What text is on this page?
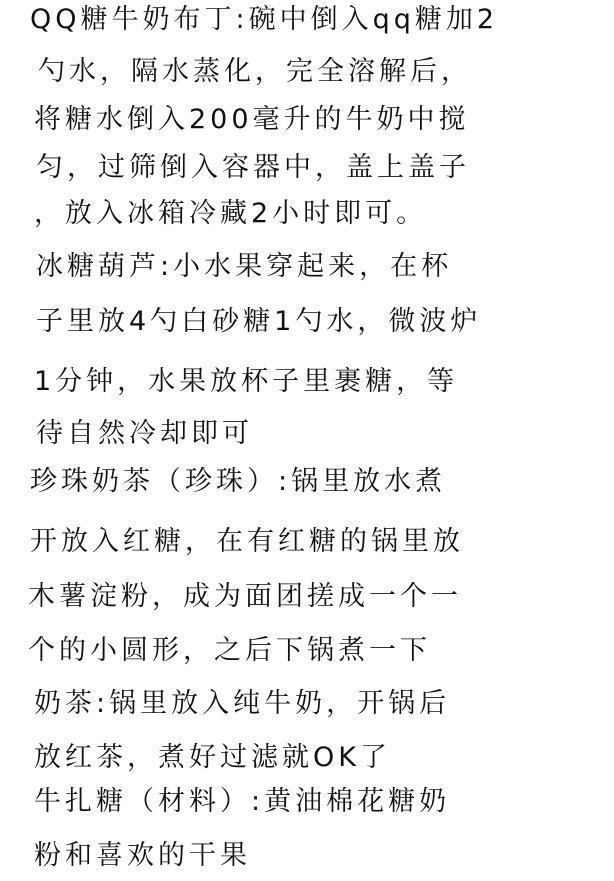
QQ糖牛奶布丁:碗中倒入qq糖加2
勺水，隔水蒸化，完全溶解后，
将糖水倒入200毫升的牛奶中搅
匀，过筛倒入容器中，盖上盖子
，放入冰箱冷藏2小时即可。
冰糖葫芦:小水果穿起来，在杯
子里放4勺白砂糖1勺水，微波炉
1分钟，水果放杯子里裹糖，等
待自然冷却即可
珍珠奶茶（珍珠）:锅里放水煮
开放入红糖，在有红糖的锅里放
木薯淀粉，成为面团搓成一个一
个的小圆形，之后下锅煮一下
奶茶:锅里放入纯牛奶，开锅后
放红茶，煮好过滤就OK了
牛扎糖（材料）:黄油棉花糖奶
粉和喜欢的干果
